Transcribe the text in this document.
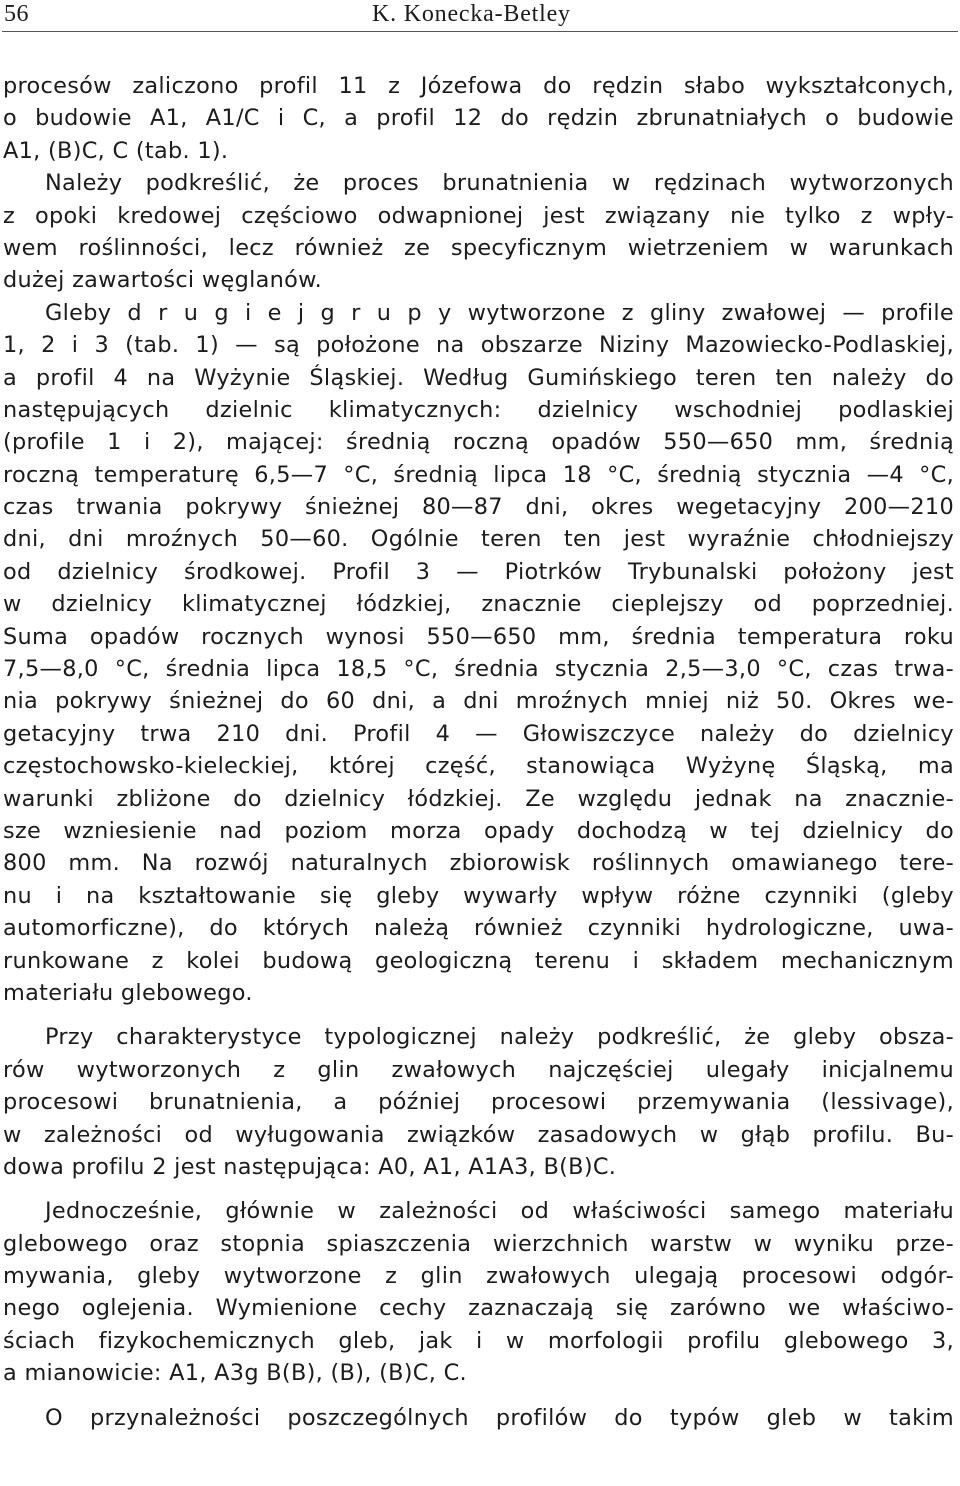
56	K. Konecka-Betley
procesów zaliczono profil 11 z Józefowa do rędzin słabo wykształconych,
o budowie A1, A1/C i C, a profil 12 do rędzin zbrunatniałych o budowie
A1, (B)C, C (tab. 1).
Należy podkreślić, że proces brunatnienia w rędzinach wytworzonych
z opoki kredowej częściowo odwapnionej jest związany nie tylko z wpły-
wem roślinności, lecz również ze specyficznym wietrzeniem w warunkach
dużej zawartości węglanów.
Gleby d r u g i e j g r u p y wytworzone z gliny zwałowej — profile
1, 2 i 3 (tab. 1) — są położone na obszarze Niziny Mazowiecko-Podlaskiej,
a profil 4 na Wyżynie Śląskiej. Według Gumińskiego teren ten należy do
następujących dzielnic klimatycznych: dzielnicy wschodniej podlaskiej
(profile 1 i 2), mającej: średnią roczną opadów 550—650 mm, średnią
roczną temperaturę 6,5—7 °C, średnią lipca 18 °C, średnią stycznia —4 °C,
czas trwania pokrywy śnieżnej 80—87 dni, okres wegetacyjny 200—210
dni, dni mroźnych 50—60. Ogólnie teren ten jest wyraźnie chłodniejszy
od dzielnicy środkowej. Profil 3 — Piotrków Trybunalski położony jest
w dzielnicy klimatycznej łódzkiej, znacznie cieplejszy od poprzedniej.
Suma opadów rocznych wynosi 550—650 mm, średnia temperatura roku
7,5—8,0 °C, średnia lipca 18,5 °C, średnia stycznia 2,5—3,0 °C, czas trwa-
nia pokrywy śnieżnej do 60 dni, a dni mroźnych mniej niż 50. Okres we-
getacyjny trwa 210 dni. Profil 4 — Głowiszczyce należy do dzielnicy
częstochowsko-kieleckiej, której część, stanowiąca Wyżynę Śląską, ma
warunki zbliżone do dzielnicy łódzkiej. Ze względu jednak na znacznie-
sze wzniesienie nad poziom morza opady dochodzą w tej dzielnicy do
800 mm. Na rozwój naturalnych zbiorowisk roślinnych omawianego tere-
nu i na kształtowanie się gleby wywarły wpływ różne czynniki (gleby
automorficzne), do których należą również czynniki hydrologiczne, uwa-
runkowane z kolei budową geologiczną terenu i składem mechanicznym
materiału glebowego.
Przy charakterystyce typologicznej należy podkreślić, że gleby obsza-
rów wytworzonych z glin zwałowych najczęściej ulegały inicjalnemu
procesowi brunatnienia, a później procesowi przemywania (lessivage),
w zależności od wyługowania związków zasadowych w głąb profilu. Bu-
dowa profilu 2 jest następująca: A0, A1, A1A3, B(B)C.
Jednocześnie, głównie w zależności od właściwości samego materiału
glebowego oraz stopnia spiaszczenia wierzchnich warstw w wyniku prze-
mywania, gleby wytworzone z glin zwałowych ulegają procesowi odgór-
nego oglejenia. Wymienione cechy zaznaczają się zarówno we właściwo-
ściach fizykochemicznych gleb, jak i w morfologii profilu glebowego 3,
a mianowicie: A1, A3g B(B), (B), (B)C, C.
O przynależności poszczególnych profilów do typów gleb w takim
